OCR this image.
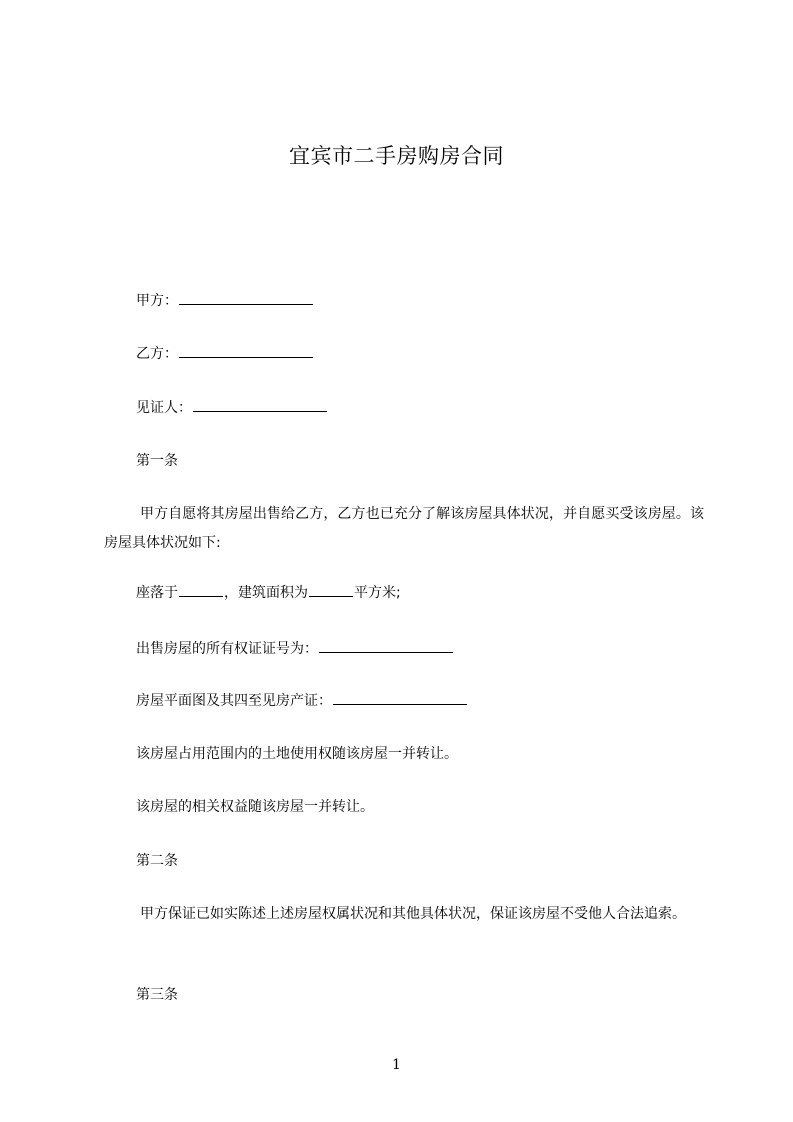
宜宾市二手房购房合同
甲方：
乙方：
见证人：
第一条
甲方自愿将其房屋出售给乙方，乙方也已充分了解该房屋具体状况，并自愿买受该房屋。该房屋具体状况如下:
座落于	，建筑面积为	平方米;
出售房屋的所有权证证号为：
房屋平面图及其四至见房产证：
该房屋占用范围内的土地使用权随该房屋一并转让。
该房屋的相关权益随该房屋一并转让。
第二条
甲方保证已如实陈述上述房屋权属状况和其他具体状况，保证该房屋不受他人合法追索。
第三条
1
